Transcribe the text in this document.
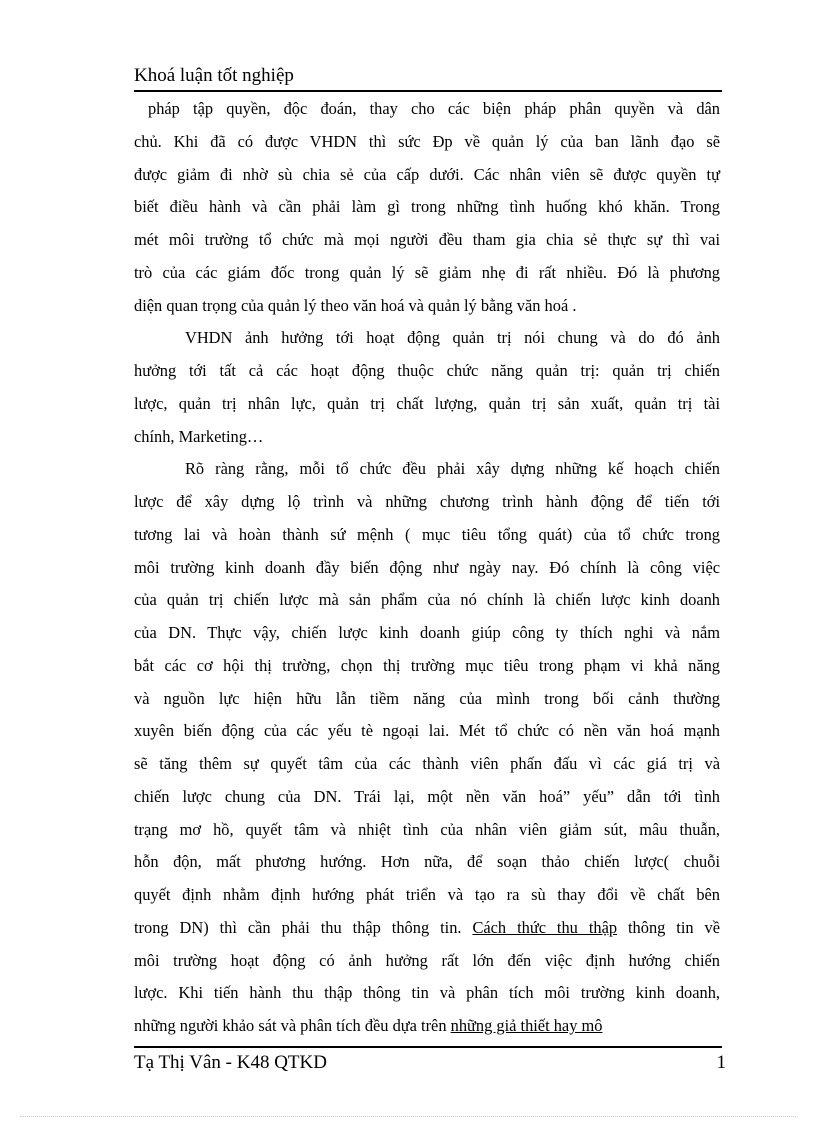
Khoá luận tốt nghiệp
pháp tập quyền, độc đoán, thay cho các biện pháp phân quyền và dân
chủ. Khi đã có được VHDN thì sức Đp về quản lý của ban lãnh đạo sẽ
được giảm đi nhờ sù chia sẻ của cấp dưới. Các nhân viên sẽ được quyền tự
biết điều hành và cần phải làm gì trong những tình huống khó khăn. Trong
mét môi trường tổ chức mà mọi người đều tham gia chia sẻ thực sự thì vai
trò của các giám đốc trong quản lý sẽ giảm nhẹ đi rất nhiều. Đó là phương
diện quan trọng của quản lý theo văn hoá và quản lý bằng văn hoá .
VHDN ảnh hưởng tới hoạt động quản trị nói chung và do đó ảnh
hưởng tới tất cả các hoạt động thuộc chức năng quản trị: quản trị chiến
lược, quản trị nhân lực, quản trị chất lượng, quản trị sản xuất, quản trị tài
chính, Marketing…
Rõ ràng rằng, mỗi tổ chức đều phải xây dựng những kế hoạch chiến
lược để xây dựng lộ trình và những chương trình hành động để tiến tới
tương lai và hoàn thành sứ mệnh ( mục tiêu tổng quát) của tổ chức trong
môi trường kinh doanh đầy biến động như ngày nay. Đó chính là công việc
của quản trị chiến lược mà sản phẩm của nó chính là chiến lược kinh doanh
của DN. Thực vậy, chiến lược kinh doanh giúp công ty thích nghi và nắm
bắt các cơ hội thị trường, chọn thị trường mục tiêu trong phạm vi khả năng
và nguồn lực hiện hữu lẫn tiềm năng của mình trong bối cảnh thường
xuyên biến động của các yếu tè ngoại lai. Mét tổ chức có nền văn hoá mạnh
sẽ tăng thêm sự quyết tâm của các thành viên phấn đấu vì các giá trị và
chiến lược chung của DN. Trái lại, một nền văn hoá” yếu” dẫn tới tình
trạng mơ hồ, quyết tâm và nhiệt tình của nhân viên giảm sút, mâu thuẫn,
hỗn độn, mất phương hướng. Hơn nữa, để soạn thảo chiến lược( chuỗi
quyết định nhằm định hướng phát triển và tạo ra sù thay đổi về chất bên
trong DN) thì cần phải thu thập thông tin. Cách thức thu thập thông tin về
môi trường hoạt động có ảnh hưởng rất lớn đến việc định hướng chiến
lược. Khi tiến hành thu thập thông tin và phân tích môi trường kinh doanh,
những người khảo sát và phân tích đều dựa trên những giả thiết hay mô
Tạ Thị Vân - K48 QTKD	1
